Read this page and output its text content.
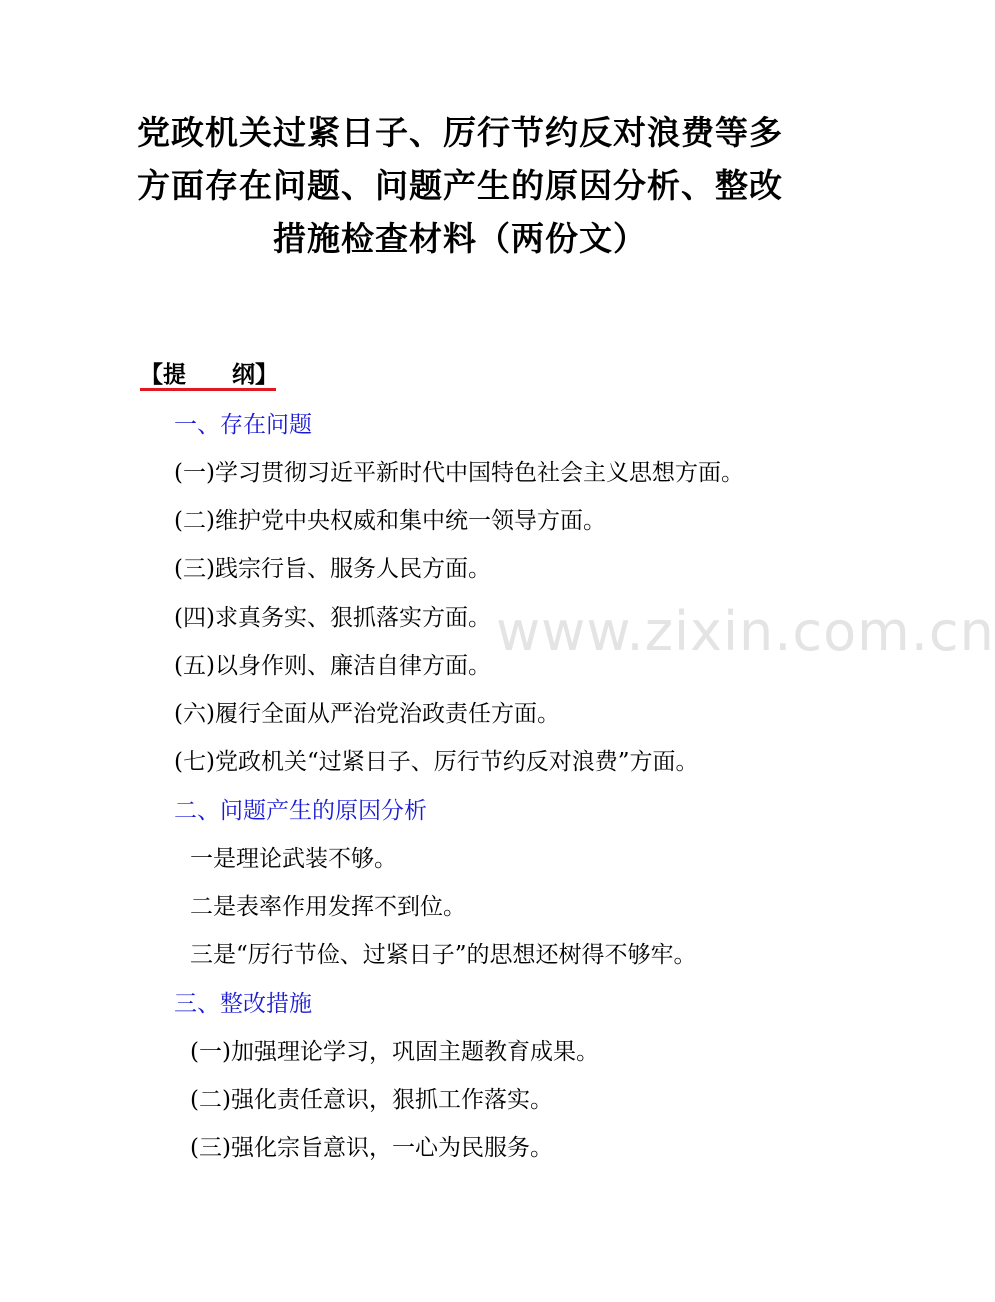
党政机关过紧日子、厉行节约反对浪费等多
方面存在问题、问题产生的原因分析、整改
措施检查材料（两份文）
【提　　纲】
一、存在问题
(一)学习贯彻习近平新时代中国特色社会主义思想方面。
(二)维护党中央权威和集中统一领导方面。
(三)践宗行旨、服务人民方面。
(四)求真务实、狠抓落实方面。
(五)以身作则、廉洁自律方面。
(六)履行全面从严治党治政责任方面。
(七)党政机关“过紧日子、厉行节约反对浪费”方面。
二、问题产生的原因分析
一是理论武装不够。
二是表率作用发挥不到位。
三是“厉行节俭、过紧日子”的思想还树得不够牢。
三、整改措施
(一)加强理论学习，巩固主题教育成果。
(二)强化责任意识，狠抓工作落实。
(三)强化宗旨意识，一心为民服务。
www.zixin.com.cn
